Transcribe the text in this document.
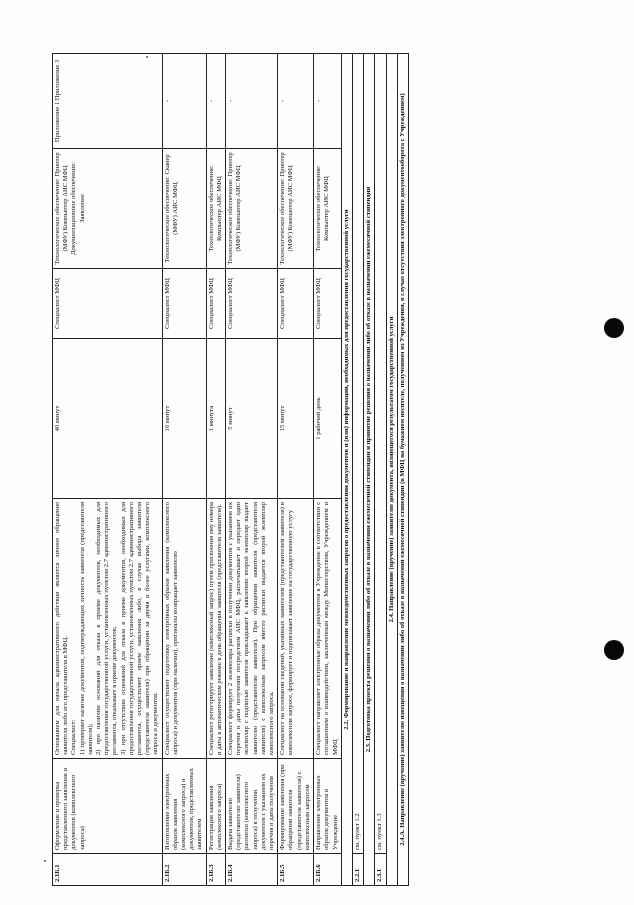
2.1Б.1	Оформление и проверка представленного заявления и документов (комплексного запроса)	Основанием для начала административного действия является личное обращение заявителя либо его представителя в МФЦ. Специалист: 1) проверяет наличие документов, подтверждающих личность заявителя (представителя заявителя); 2) при наличии оснований для отказа в приеме документов, необходимых для предоставления государственной услуги, установленных пунктом 2.7 административного регламента, отказывает в приеме документов; 3) при отсутствии оснований для отказа в приеме документов, необходимых для предоставления государственной услуги, установленных пунктом 2.7 административного регламента, осуществляет прием заявления либо, в случае выбора заявителя (представителя заявителя) при обращении за двумя и более услугами, комплексного запроса и документов.	40 минут	Специалист МФЦ	Технологическое обеспечение: Принтер (МФУ) Компьютер АИС МФЦ Документационное обеспечение: Заявление	Приложение 1 Приложение 3
2.1Б.2	Изготовление электронных образов заявления (комплексного запроса) и документов, представленных заявителем	Специалист осуществляет подготовку электронных образов заявления (комплексного запроса) и документов (при наличии), оригиналы возвращает заявителю	10 минут	Специалист МФЦ	Технологическое обеспечение: Сканер (МФУ) АИС МФЦ	-
2.1Б.3	Регистрация заявления (комплексного запроса)	Специалист регистрирует заявление (комплексный запрос) путем присвоения ему номера и даты в автоматическом режиме в день обращения заявителя (представителя заявителя).	1 минута	Специалист МФЦ	Технологическое обеспечение: Компьютер АИС МФЦ	-
2.1Б.4	Выдача заявителю (представителю заявителя) расписки (комплексного запроса) в получении документов с указанием их перечня и даты получения	Специалист формирует 2 экземпляра расписки в получении документов с указанием их перечня и даты получения посредством АИС МФЦ, распечатывает и передает один экземпляр с подписью заявителя прикладывает к заявлению второй экземпляр выдает заявителю (представителю заявителя). При обращении заявителя (представителя заявителя) с комплексным запросом вместо расписки выдается второй экземпляр комплексного запроса.	5 минут	Специалист МФЦ	Технологическое обеспечение: Принтер (МФУ) Компьютер АИС МФЦ	-
2.1Б.5	Формирование заявления (при обращении заявителя (представителя заявителя) с комплексным запросом	Специалист на основании сведений, указанных заявителем (представителем заявителя) в комплексном запросе, формирует и подписывает заявление на государственную услугу	15 минут	Специалист МФЦ	Технологическое обеспечение: Принтер (МФУ) Компьютер АИС МФЦ	-
2.1Б.6	Направление электронных образов документов в Учреждение	Специалист направляет электронные образы документов в Учреждение в соответствии с соглашением о взаимодействии, заключенным между Министерством, Учреждением и МФЦ	1 рабочий день	Специалист МФЦ	Технологическое обеспечение: Компьютер АИС МФЦ	-
2.2. Формирование и направление межведомственных запросов о предоставлении документов и (или) информации, необходимых для предоставления государственной услуги						
2.2.1	см. пункт 1.2					
2.3. Подготовка проекта решения о назначении либо об отказе в назначении ежемесячной стипендии и принятие решения о назначении либо об отказе в назначении ежемесячной стипендии						
2.3.1	см. пункт 1.3					
2.4. Направление (вручение) заявителю документа, являющегося результатом государственной услуги						
2.4.А. Направление (вручение) заявителю извещения о назначении либо об отказе в назначении ежемесячной стипендии (в МФЦ на бумажном носителе, полученном из Учреждения, в случае отсутствия электронного документооборота с Учреждением)						
